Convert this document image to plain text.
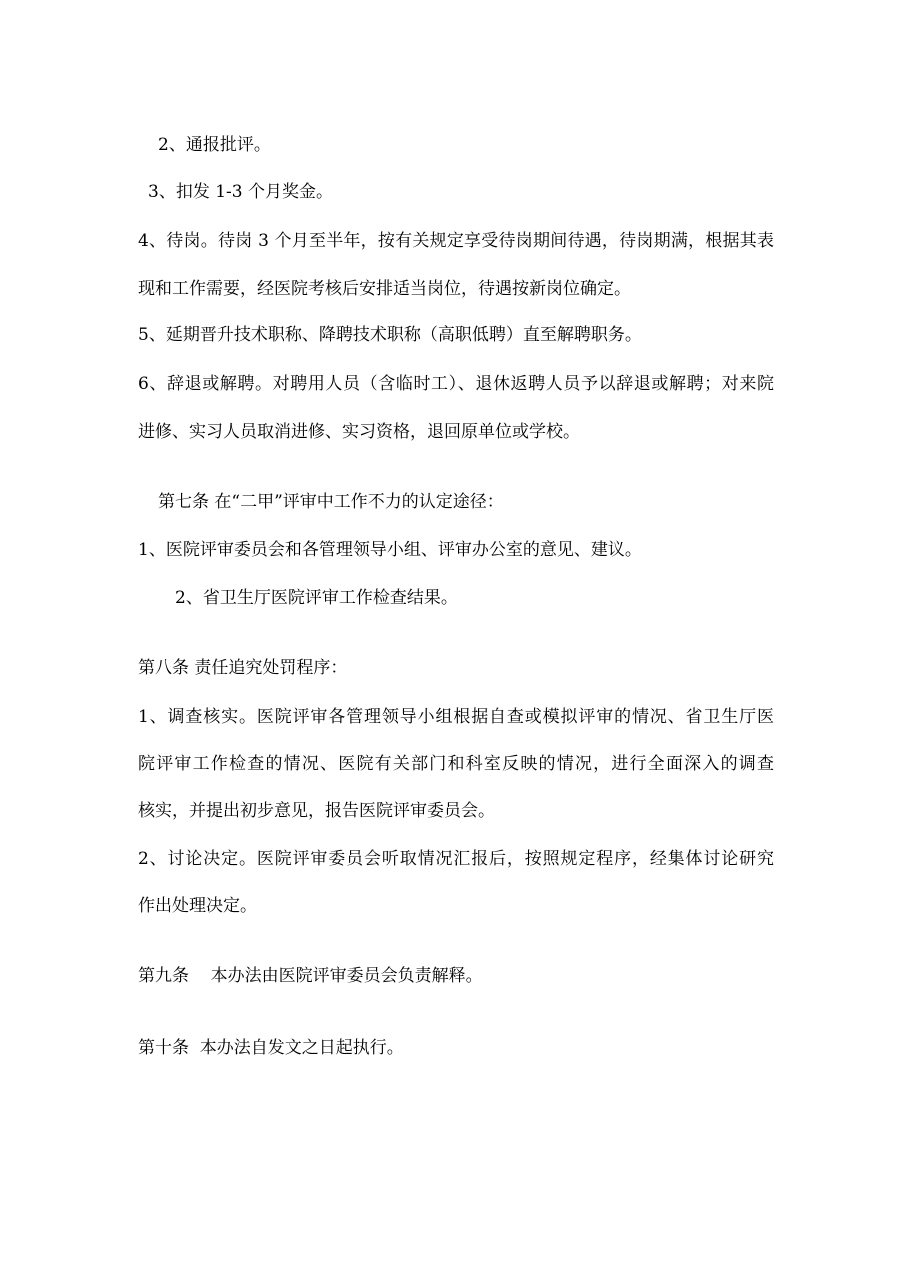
2、通报批评。
3、扣发 1-3 个月奖金。
4、待岗。待岗 3 个月至半年，按有关规定享受待岗期间待遇，待岗期满，根据其表
现和工作需要，经医院考核后安排适当岗位，待遇按新岗位确定。
5、延期晋升技术职称、降聘技术职称（高职低聘）直至解聘职务。
6、辞退或解聘。对聘用人员（含临时工）、退休返聘人员予以辞退或解聘；对来院
进修、实习人员取消进修、实习资格，退回原单位或学校。
第七条 在“二甲”评审中工作不力的认定途径：
1、医院评审委员会和各管理领导小组、评审办公室的意见、建议。
2、省卫生厅医院评审工作检查结果。
第八条 责任追究处罚程序：
1、调查核实。医院评审各管理领导小组根据自查或模拟评审的情况、省卫生厅医
院评审工作检查的情况、医院有关部门和科室反映的情况，进行全面深入的调查
核实，并提出初步意见，报告医院评审委员会。
2、讨论决定。医院评审委员会听取情况汇报后，按照规定程序，经集体讨论研究
作出处理决定。
第九条    本办法由医院评审委员会负责解释。
第十条  本办法自发文之日起执行。
